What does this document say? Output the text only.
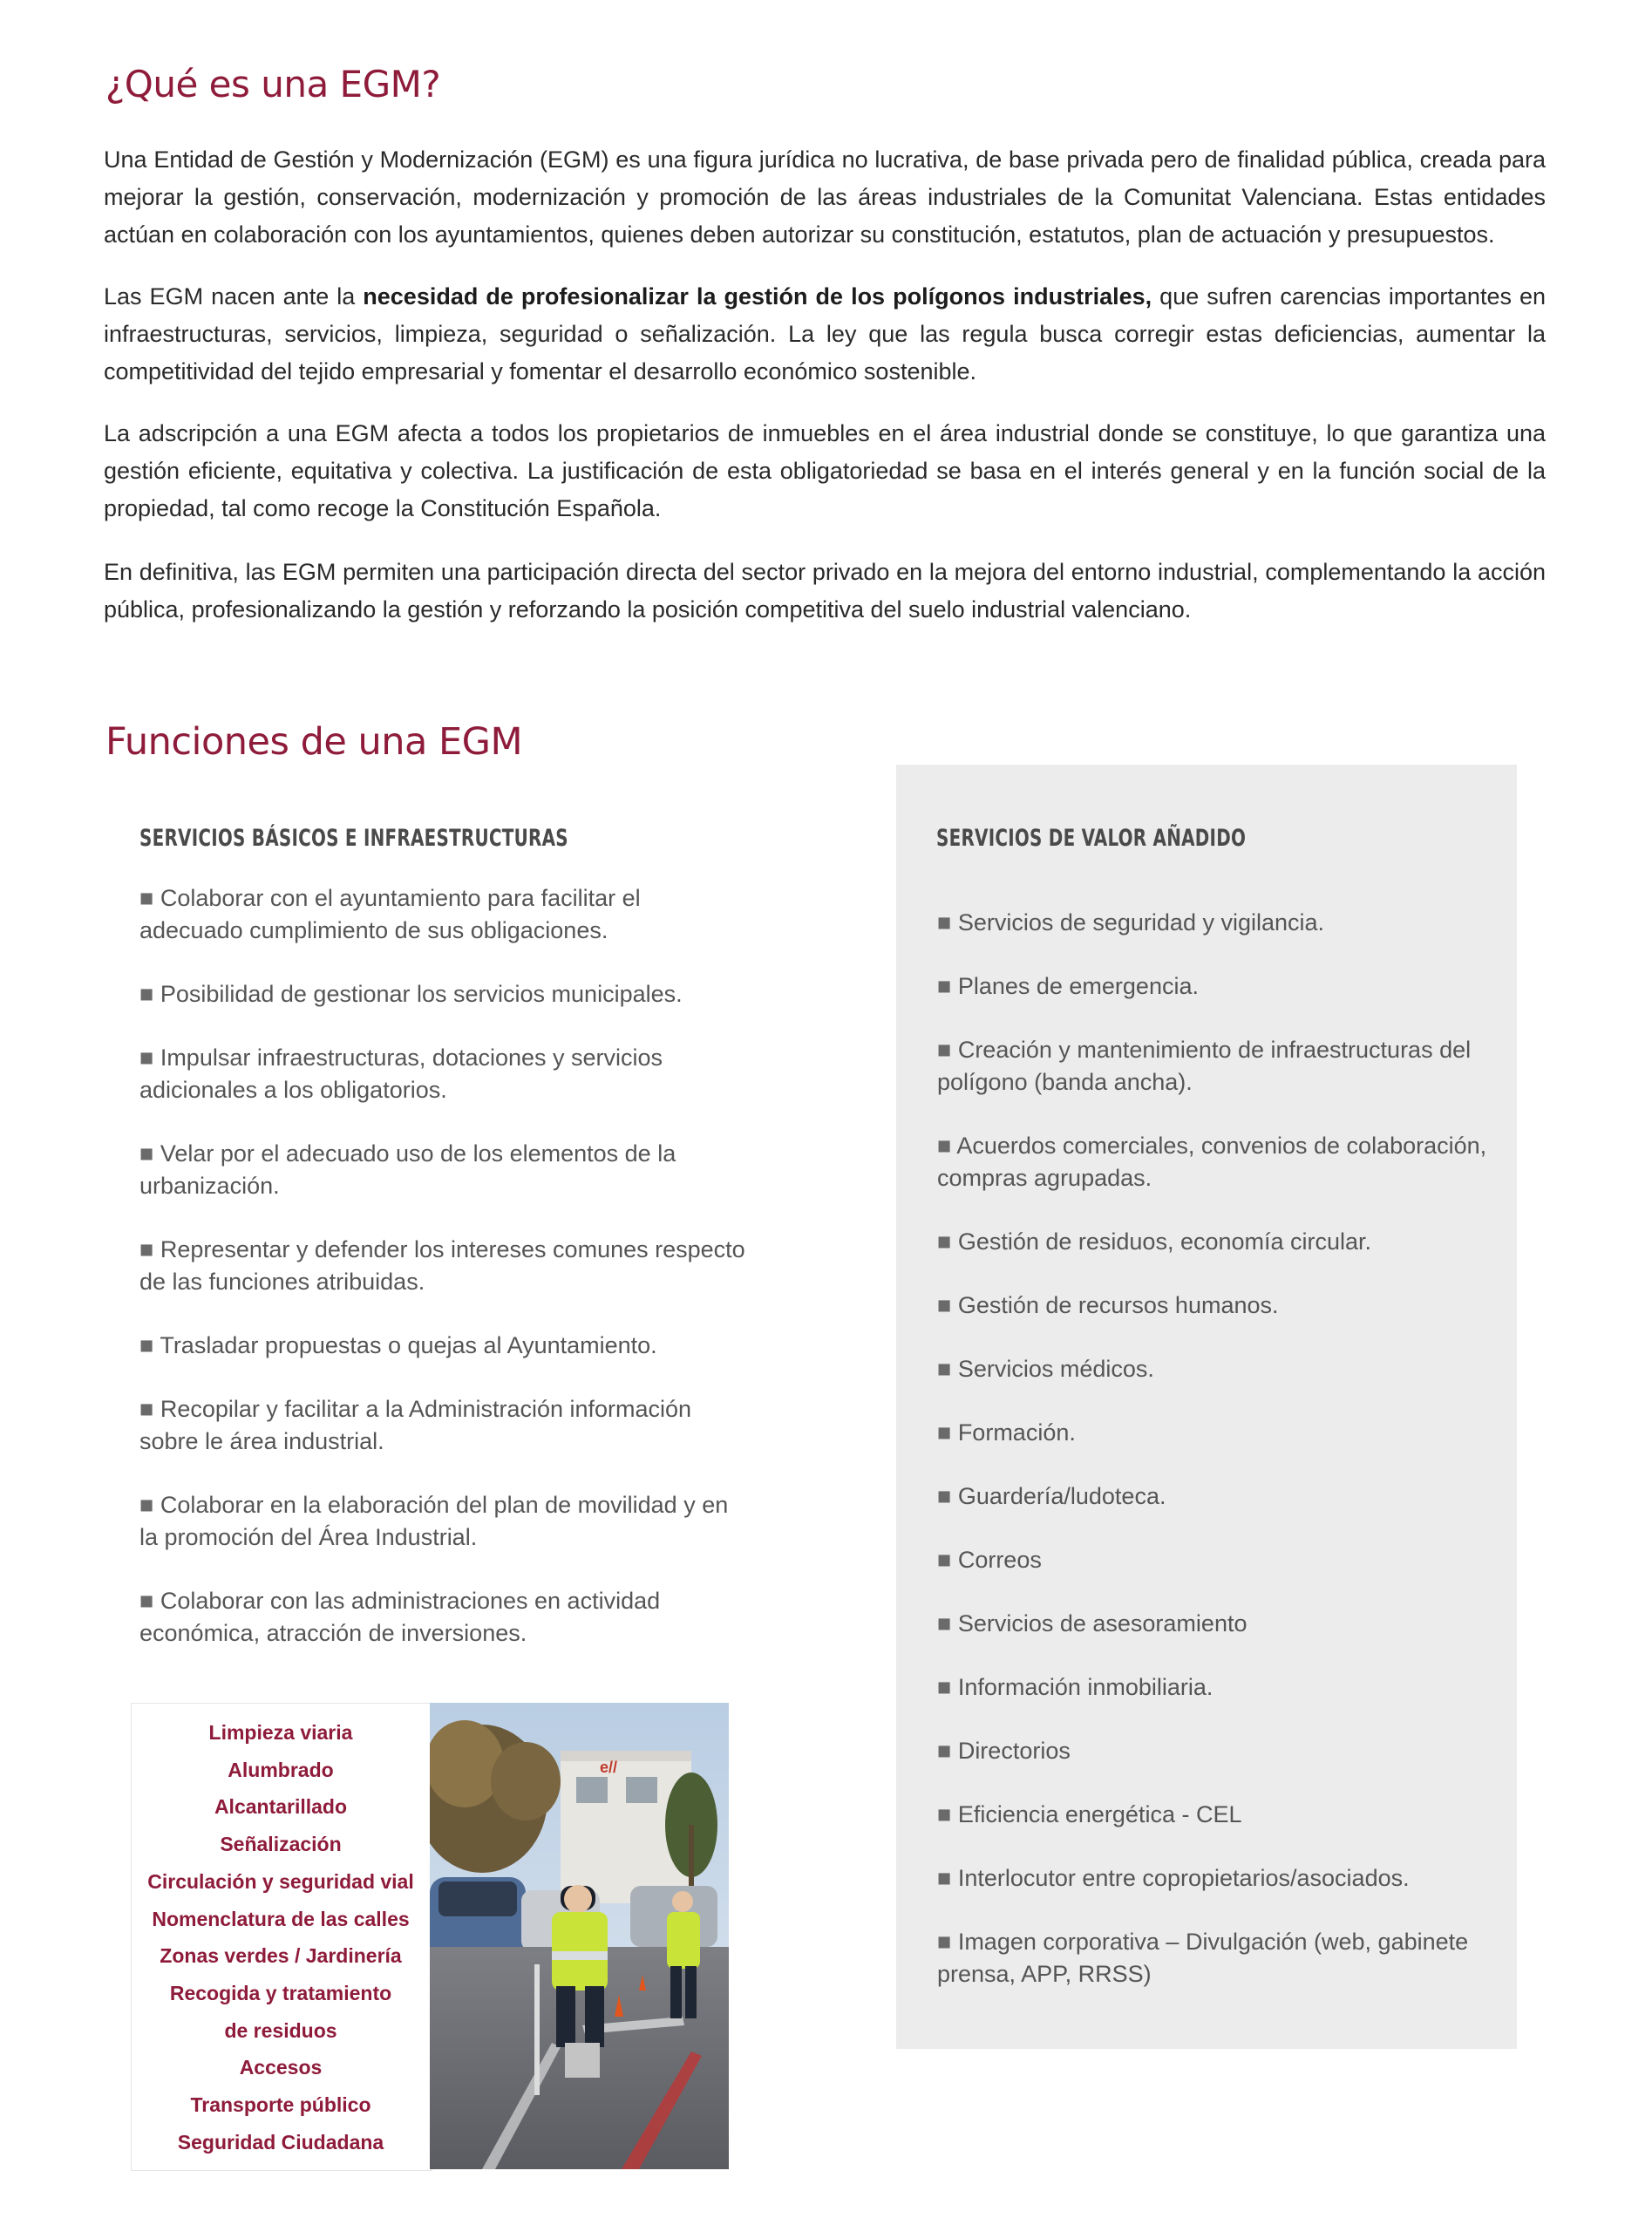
¿Qué es una EGM?

Una Entidad de Gestión y Modernización (EGM) es una figura jurídica no lucrativa, de base privada pero de finalidad pública, creada para mejorar la gestión, conservación, modernización y promoción de las áreas industriales de la Comunitat Valenciana. Estas entidades actúan en colaboración con los ayuntamientos, quienes deben autorizar su constitución, estatutos, plan de actuación y presupuestos.

Las EGM nacen ante la necesidad de profesionalizar la gestión de los polígonos industriales, que sufren carencias importantes en infraestructuras, servicios, limpieza, seguridad o señalización. La ley que las regula busca corregir estas deficiencias, aumentar la competitividad del tejido empresarial y fomentar el desarrollo económico sostenible.

La adscripción a una EGM afecta a todos los propietarios de inmuebles en el área industrial donde se constituye, lo que garantiza una gestión eficiente, equitativa y colectiva. La justificación de esta obligatoriedad se basa en el interés general y en la función social de la propiedad, tal como recoge la Constitución Española.

En definitiva, las EGM permiten una participación directa del sector privado en la mejora del entorno industrial, complementando la acción pública, profesionalizando la gestión y reforzando la posición competitiva del suelo industrial valenciano.

Funciones de una EGM
SERVICIOS BÁSICOS E INFRAESTRUCTURAS	SERVICIOS DE VALOR AÑADIDO
■ Colaborar con el ayuntamiento para facilitar el adecuado cumplimiento de sus obligaciones.
■ Posibilidad de gestionar los servicios municipales.
■ Impulsar infraestructuras, dotaciones y servicios adicionales a los obligatorios.
■ Velar por el adecuado uso de los elementos de la urbanización.
■ Representar y defender los intereses comunes respecto de las funciones atribuidas.
■ Trasladar propuestas o quejas al Ayuntamiento.
■ Recopilar y facilitar a la Administración información sobre le área industrial.
■ Colaborar en la elaboración del plan de movilidad y en la promoción del Área Industrial.
■ Colaborar con las administraciones en actividad económica, atracción de inversiones.
■ Servicios de seguridad y vigilancia.
■ Planes de emergencia.
■ Creación y mantenimiento de infraestructuras del polígono (banda ancha).
■ Acuerdos comerciales, convenios de colaboración, compras agrupadas.
■ Gestión de residuos, economía circular.
■ Gestión de recursos humanos.
■ Servicios médicos.
■ Formación.
■ Guardería/ludoteca.
■ Correos
■ Servicios de asesoramiento
■ Información inmobiliaria.
■ Directorios
■ Eficiencia energética - CEL
■ Interlocutor entre copropietarios/asociados.
■ Imagen corporativa – Divulgación (web, gabinete prensa, APP, RRSS)
Limpieza viaria
Alumbrado
Alcantarillado
Señalización
Circulación y seguridad vial
Nomenclatura de las calles
Zonas verdes / Jardinería
Recogida y tratamiento
de residuos
Accesos
Transporte público
Seguridad Ciudadana
e//
